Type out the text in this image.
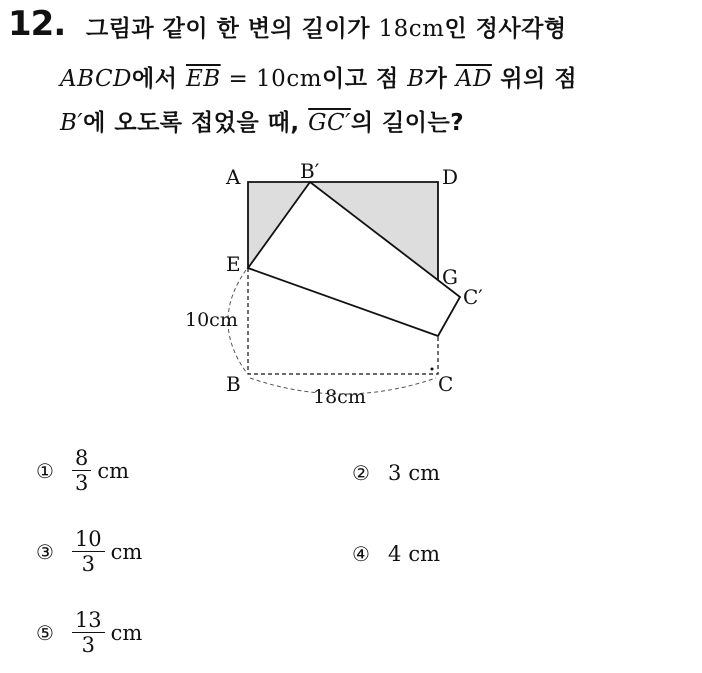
12. 그림과 같이 한 변의 길이가 18cm인 정사각형
ABCD에서 $\overline{EB} = 10cm$이고 점 B가 $\overline{AD}$ 위의 점
B′에 오도록 접었을 때, GC′의 길이는?
A	B′	D
E
G
C′
B	C
10cm
18cm
① $\frac{8}{3}$ cm	② 3
cm
③ $\frac{10}{3}$ cm	④ 4
cm
⑤ $\frac{13}{3}$ cm
